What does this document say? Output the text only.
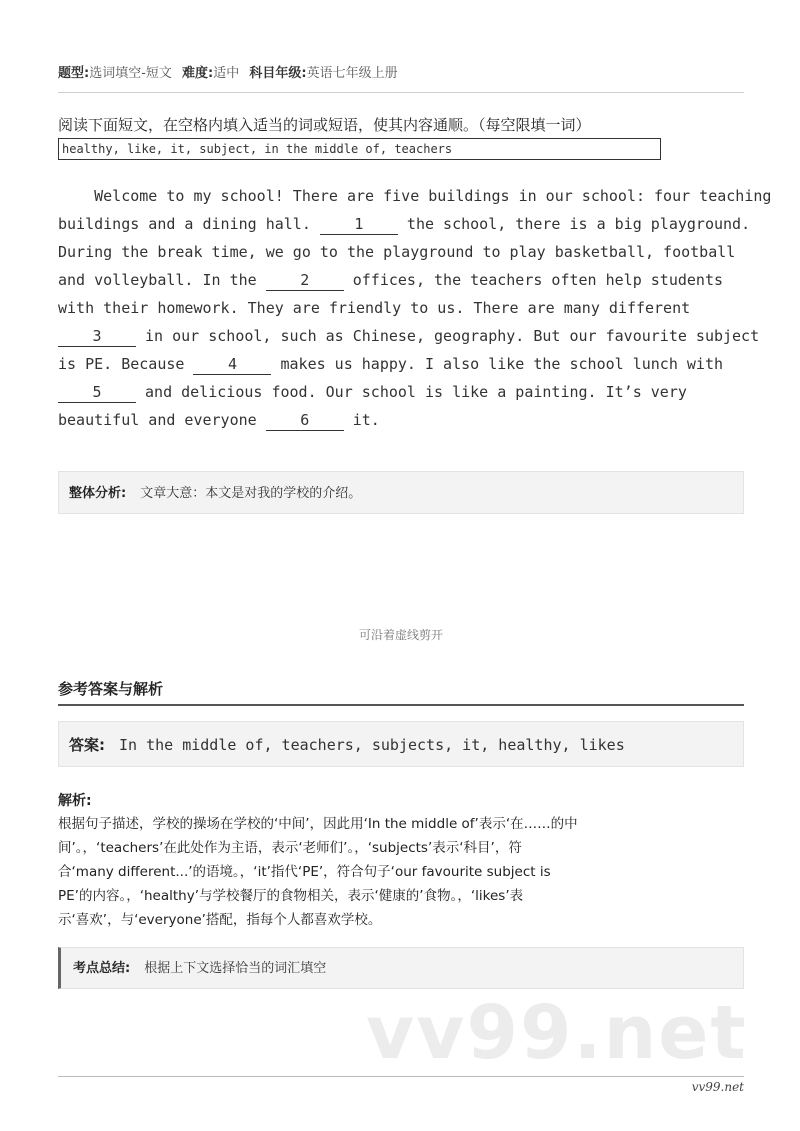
题型:选词填空-短文 难度:适中 科目年级:英语七年级上册
阅读下面短文，在空格内填入适当的词或短语，使其内容通顺。（每空限填一词）
healthy, like, it, subject, in the middle of, teachers
Welcome to my school! There are five buildings in our school: four teaching
buildings and a dining hall. 1 the school, there is a big playground.
During the break time, we go to the playground to play basketball, football
and volleyball. In the 2 offices, the teachers often help students
with their homework. They are friendly to us. There are many different
3 in our school, such as Chinese, geography. But our favourite subject
is PE. Because 4 makes us happy. I also like the school lunch with
5 and delicious food. Our school is like a painting. It’s very
beautiful and everyone 6 it.
整体分析: 文章大意：本文是对我的学校的介绍。
可沿着虚线剪开
参考答案与解析
答案: In the middle of, teachers, subjects, it, healthy, likes
解析:
根据句子描述，学校的操场在学校的‘中间’，因此用‘In the middle of’表示‘在……的中
间’。，‘teachers’在此处作为主语，表示‘老师们’。，‘subjects’表示‘科目’，符
合‘many different...’的语境。，‘it’指代‘PE’，符合句子‘our favourite subject is
PE’的内容。，‘healthy’与学校餐厅的食物相关，表示‘健康的’食物。，‘likes’表
示‘喜欢’，与‘everyone’搭配，指每个人都喜欢学校。
考点总结: 根据上下文选择恰当的词汇填空
vv99.net
vv99.net
